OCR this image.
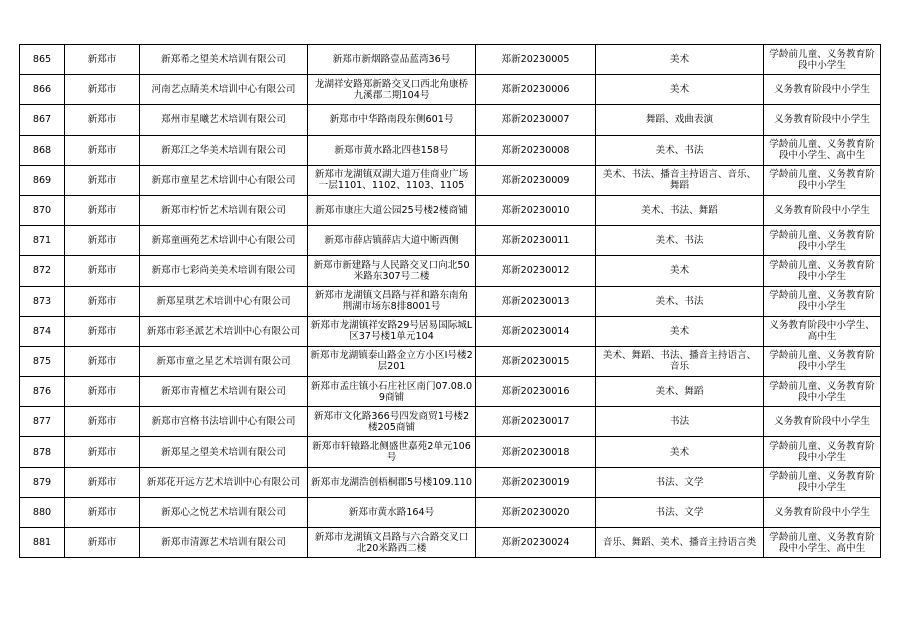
865	新郑市	新郑希之望美术培训有限公司	新郑市新烟路壹品蓝湾36号	郑新20230005	美术	学龄前儿童、义务教育阶段中小学生
866	新郑市	河南艺点睛美术培训中心有限公司	龙湖祥安路郑新路交叉口西北角康桥九溪郡二期104号	郑新20230006	美术	义务教育阶段中小学生
867	新郑市	郑州市星曦艺术培训有限公司	新郑市中华路南段东侧601号	郑新20230007	舞蹈、戏曲表演	义务教育阶段中小学生
868	新郑市	新郑江之华美术培训有限公司	新郑市黄水路北四巷158号	郑新20230008	美术、书法	学龄前儿童、义务教育阶段中小学生、高中生
869	新郑市	新郑市童星艺术培训中心有限公司	新郑市龙湖镇双湖大道万佳商业广场一层1101、1102、1103、1105	郑新20230009	美术、书法、播音主持语言、音乐、舞蹈	学龄前儿童、义务教育阶段中小学生
870	新郑市	新郑市柠忻艺术培训有限公司	新郑市康庄大道公园25号楼2楼商铺	郑新20230010	美术、书法、舞蹈	义务教育阶段中小学生
871	新郑市	新郑童画苑艺术培训中心有限公司	新郑市薛店镇薛店大道中断西侧	郑新20230011	美术、书法	学龄前儿童、义务教育阶段中小学生
872	新郑市	新郑市七彩尚美美术培训有限公司	新郑市新建路与人民路交叉口向北50米路东307号二楼	郑新20230012	美术	学龄前儿童、义务教育阶段中小学生
873	新郑市	新郑星琪艺术培训中心有限公司	新郑市龙湖镇文昌路与祥和路东南角荆湖市场东8排8001号	郑新20230013	美术、书法	学龄前儿童、义务教育阶段中小学生
874	新郑市	新郑市彩圣派艺术培训中心有限公司	新郑市龙湖镇祥安路29号居易国际城L区37号楼1单元104	郑新20230014	美术	义务教育阶段中小学生、高中生
875	新郑市	新郑市童之星艺术培训有限公司	新郑市龙湖镇泰山路金立方小区I号楼2层201	郑新20230015	美术、舞蹈、书法、播音主持语言、音乐	学龄前儿童、义务教育阶段中小学生
876	新郑市	新郑市青檀艺术培训有限公司	新郑市孟庄镇小石庄社区南门07.08.09商铺	郑新20230016	美术、舞蹈	学龄前儿童、义务教育阶段中小学生
877	新郑市	新郑市宫格书法培训中心有限公司	新郑市文化路366号四发商贸1号楼2楼205商铺	郑新20230017	书法	义务教育阶段中小学生
878	新郑市	新郑星之望美术培训有限公司	新郑市轩辕路北侧盛世嘉苑2单元106号	郑新20230018	美术	学龄前儿童、义务教育阶段中小学生
879	新郑市	新郑花开远方艺术培训中心有限公司	新郑市龙湖浩创梧桐郡5号楼109.110	郑新20230019	书法、文学	学龄前儿童、义务教育阶段中小学生
880	新郑市	新郑心之悦艺术培训有限公司	新郑市黄水路164号	郑新20230020	书法、文学	义务教育阶段中小学生
881	新郑市	新郑市清源艺术培训有限公司	新郑市龙湖镇文昌路与六合路交叉口北20米路西二楼	郑新20230024	音乐、舞蹈、美术、播音主持语言类	学龄前儿童、义务教育阶段中小学生、高中生
